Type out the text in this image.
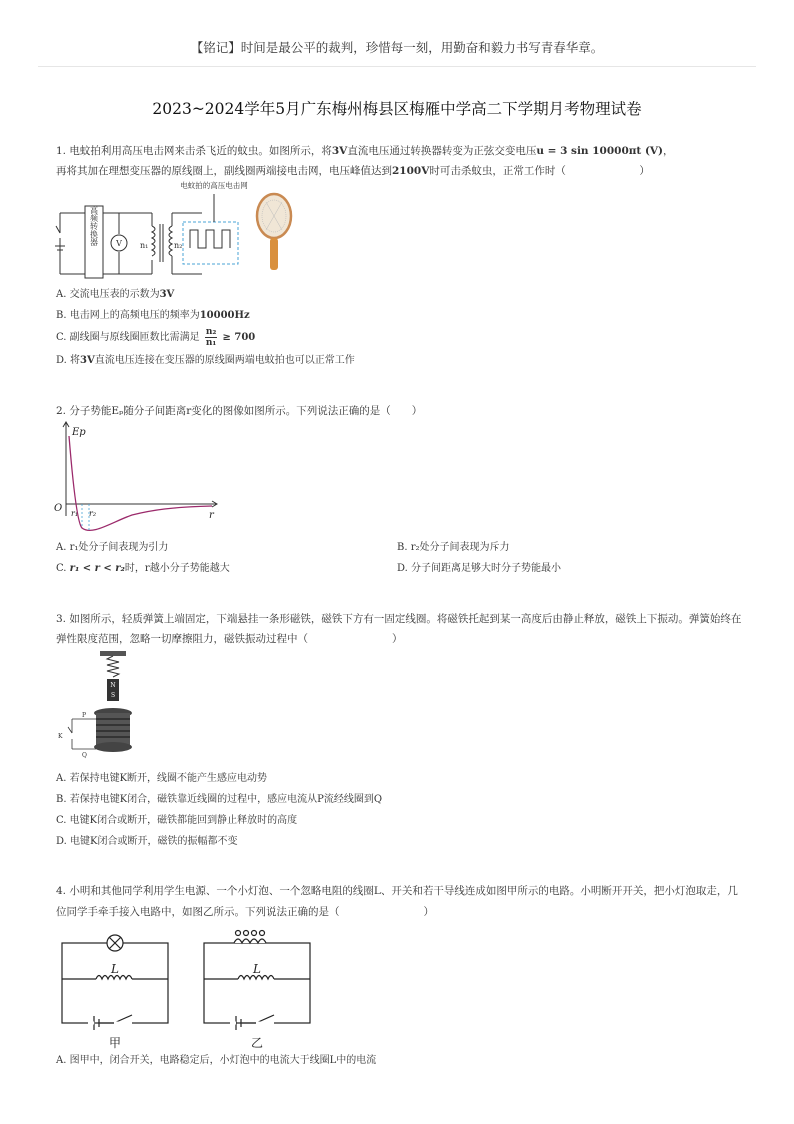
【铭记】时间是最公平的裁判，珍惜每一刻，用勤奋和毅力书写青春华章。
2023~2024学年5月广东梅州梅县区梅雁中学高二下学期月考物理试卷
1. 电蚊拍利用高压电击网来击杀飞近的蚊虫。如图所示，将3V直流电压通过转换器转变为正弦交变电压u = 3 sin 10000πt (V)，
再将其加在理想变压器的原线圈上，副线圈两端接电击网，电压峰值达到2100V时可击杀蚊虫，正常工作时（　　　　　　　）
高频转换器 V n₁	n₂
电蚊拍的高压电击网
A. 交流电压表的示数为3V
B. 电击网上的高频电压的频率为10000Hz
C. 副线圈与原线圈匝数比需满足 $\frac{\text{n₂}}{\text{n₁}} \ge 700$
D. 将3V直流电压连接在变压器的原线圈两端电蚊拍也可以正常工作
2. 分子势能Eₚ随分子间距离r变化的图像如图所示。下列说法正确的是（　　）
Ep
r
O r₁ r₂
A. r₁处分子间表现为引力	B. r₂处分子间表现为斥力
C. r₁ < r < r₂时，r越小分子势能越大	D. 分子间距离足够大时分子势能最小
3. 如图所示，轻质弹簧上端固定，下端悬挂一条形磁铁，磁铁下方有一固定线圈。将磁铁托起到某一高度后由静止释放，磁铁上下振动。弹簧始终在弹性限度范围，忽略一切摩擦阻力，磁铁振动过程中（　　　　　　　　）
N
S
P
K
Q
A. 若保持电键K断开，线圈不能产生感应电动势
B. 若保持电键K闭合，磁铁靠近线圈的过程中，感应电流从P流经线圈到Q
C. 电键K闭合或断开，磁铁都能回到静止释放时的高度
D. 电键K闭合或断开，磁铁的振幅都不变
4. 小明和其他同学利用学生电源、一个小灯泡、一个忽略电阻的线圈L、开关和若干导线连成如图甲所示的电路。小明断开开关，把小灯泡取走，几位同学手牵手接入电路中，如图乙所示。下列说法正确的是（　　　　　　　　）
L
甲
L
乙
A. 图甲中，闭合开关，电路稳定后，小灯泡中的电流大于线圈L中的电流
